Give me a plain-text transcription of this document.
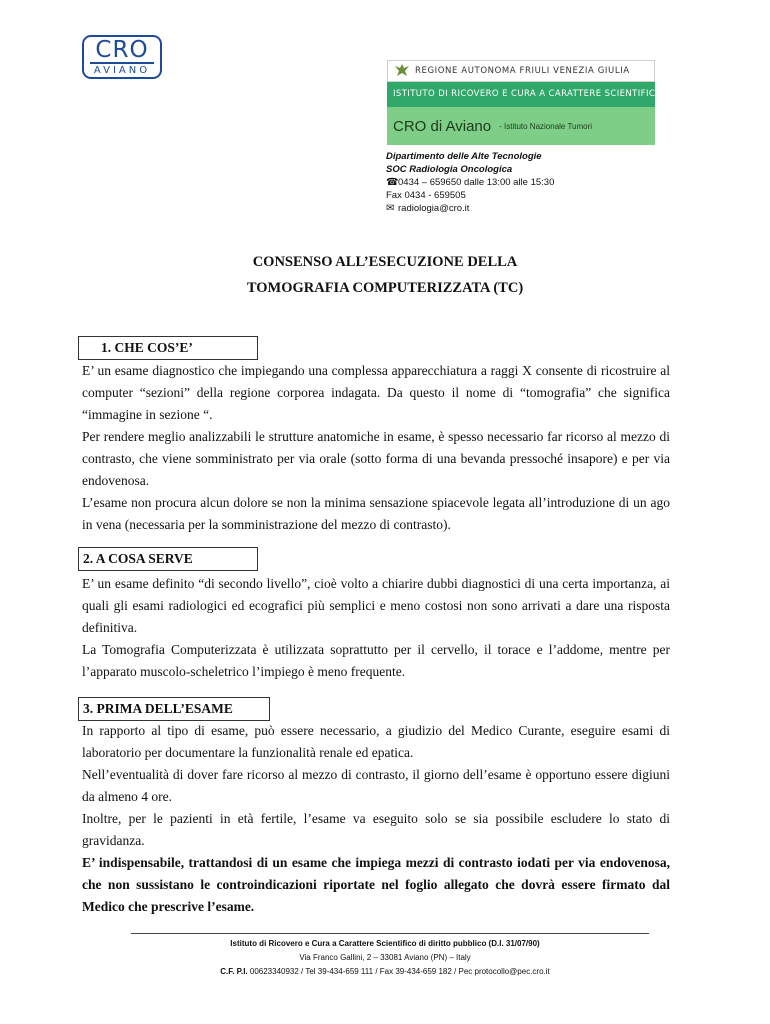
CRO
AVIANO	REGIONE AUTONOMA FRIULI VENEZIA GIULIA
ISTITUTO DI RICOVERO E CURA A CARATTERE SCIENTIFICO
CRO di Aviano - Istituto Nazionale Tumori
Dipartimento delle Alte Tecnologie
SOC Radiologia Oncologica
☎ 0434 – 659650 dalle 13:00 alle 15:30
Fax 0434 - 659505
✉ radiologia@cro.it
CONSENSO ALL’ESECUZIONE DELLA
TOMOGRAFIA COMPUTERIZZATA (TC)
1. CHE COS’E’

E’ un esame diagnostico che impiegando una complessa apparecchiatura a raggi X consente di ricostruire al computer “sezioni” della regione corporea indagata. Da questo il nome di “tomografia” che significa “immagine in sezione “.

Per rendere meglio analizzabili le strutture anatomiche in esame, è spesso necessario far ricorso al mezzo di contrasto, che viene somministrato per via orale (sotto forma di una bevanda pressoché insapore) e per via endovenosa.

L’esame non procura alcun dolore se non la minima sensazione spiacevole legata all’introduzione di un ago in vena (necessaria per la somministrazione del mezzo di contrasto).

2. A COSA SERVE

E’ un esame definito “di secondo livello”, cioè volto a chiarire dubbi diagnostici di una certa importanza, ai quali gli esami radiologici ed ecografici più semplici e meno costosi non sono arrivati a dare una risposta definitiva.

La Tomografia Computerizzata è utilizzata soprattutto per il cervello, il torace e l’addome, mentre per l’apparato muscolo-scheletrico l’impiego è meno frequente.

3. PRIMA DELL’ESAME

In rapporto al tipo di esame, può essere necessario, a giudizio del Medico Curante, eseguire esami di laboratorio per documentare la funzionalità renale ed epatica.

Nell’eventualità di dover fare ricorso al mezzo di contrasto, il giorno dell’esame è opportuno essere digiuni da almeno 4 ore.

Inoltre, per le pazienti in età fertile, l’esame va eseguito solo se sia possibile escludere lo stato di gravidanza.

E’ indispensabile, trattandosi di un esame che impiega mezzi di contrasto iodati per via endovenosa, che non sussistano le controindicazioni riportate nel foglio allegato che dovrà essere firmato dal Medico che prescrive l’esame.

Istituto di Ricovero e Cura a Carattere Scientifico di diritto pubblico (D.I. 31/07/90)
Via Franco Gallini, 2 – 33081 Aviano (PN) – Italy
C.F. P.I. 00623340932 / Tel 39-434-659 111 / Fax 39-434-659 182 / Pec protocollo@pec.cro.it
